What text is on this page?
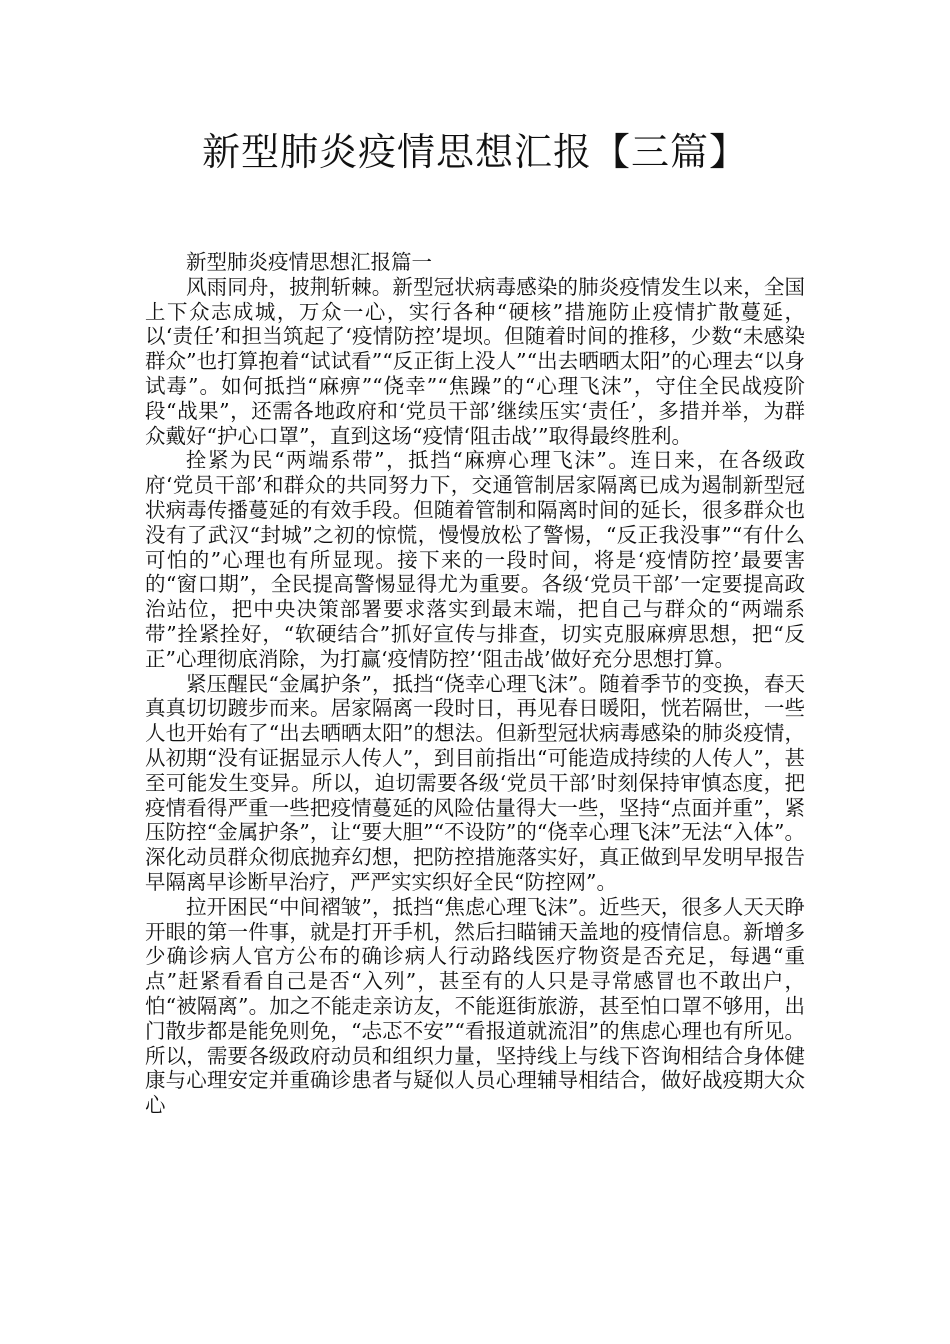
新型肺炎疫情思想汇报【三篇】

新型肺炎疫情思想汇报篇一

风雨同舟，披荆斩棘。新型冠状病毒感染的肺炎疫情发生以来，全国上下众志成城，万众一心，实行各种“硬核”措施防止疫情扩散蔓延，以‘责任’和担当筑起了‘疫情防控’堤坝。但随着时间的推移，少数“未感染群众”也打算抱着“试试看”“反正街上没人”“出去晒晒太阳”的心理去“以身试毒”。如何抵挡“麻痹”“侥幸”“焦躁”的“心理飞沫”，守住全民战疫阶段“战果”，还需各地政府和‘党员干部’继续压实‘责任’，多措并举，为群众戴好“护心口罩”，直到这场“疫情‘阻击战’”取得最终胜利。

拴紧为民“两端系带”，抵挡“麻痹心理飞沫”。连日来，在各级政府‘党员干部’和群众的共同努力下，交通管制居家隔离已成为遏制新型冠状病毒传播蔓延的有效手段。但随着管制和隔离时间的延长，很多群众也没有了武汉“封城”之初的惊慌，慢慢放松了警惕，“反正我没事”“有什么可怕的”心理也有所显现。接下来的一段时间，将是‘疫情防控’最要害的“窗口期”，全民提高警惕显得尤为重要。各级‘党员干部’一定要提高政治站位，把中央决策部署要求落实到最末端，把自己与群众的“两端系带”拴紧拴好，“软硬结合”抓好宣传与排查，切实克服麻痹思想，把“反正”心理彻底消除，为打赢‘疫情防控’‘阻击战’做好充分思想打算。

紧压醒民“金属护条”，抵挡“侥幸心理飞沫”。随着季节的变换，春天真真切切踱步而来。居家隔离一段时日，再见春日暖阳，恍若隔世，一些人也开始有了“出去晒晒太阳”的想法。但新型冠状病毒感染的肺炎疫情，从初期“没有证据显示人传人”，到目前指出“可能造成持续的人传人”，甚至可能发生变异。所以，迫切需要各级‘党员干部’时刻保持审慎态度，把疫情看得严重一些把疫情蔓延的风险估量得大一些，坚持“点面并重”，紧压防控“金属护条”，让“要大胆”“不设防”的“侥幸心理飞沫”无法“入体”。深化动员群众彻底抛弃幻想，把防控措施落实好，真正做到早发明早报告早隔离早诊断早治疗，严严实实织好全民“防控网”。

拉开困民“中间褶皱”，抵挡“焦虑心理飞沫”。近些天，很多人天天睁开眼的第一件事，就是打开手机，然后扫瞄铺天盖地的疫情信息。新增多少确诊病人官方公布的确诊病人行动路线医疗物资是否充足，每遇“重点”赶紧看看自己是否“入列”，甚至有的人只是寻常感冒也不敢出户，怕“被隔离”。加之不能走亲访友，不能逛街旅游，甚至怕口罩不够用，出门散步都是能免则免，“忐忑不安”“看报道就流泪”的焦虑心理也有所见。所以，需要各级政府动员和组织力量，坚持线上与线下咨询相结合身体健康与心理安定并重确诊患者与疑似人员心理辅导相结合，做好战疫期大众心
